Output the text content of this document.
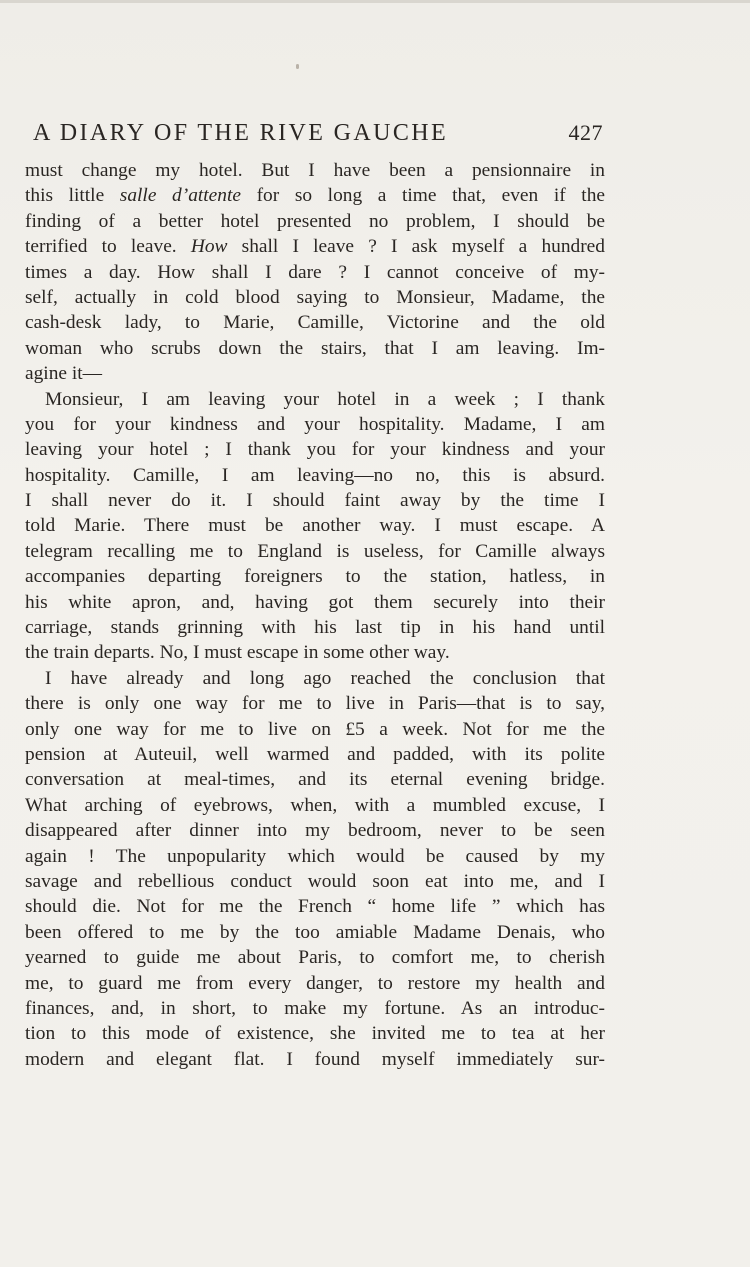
A DIARY OF THE RIVE GAUCHE	427
must change my hotel. But I have been a pensionnaire in
this little salle d’attente for so long a time that, even if the
finding of a better hotel presented no problem, I should be
terrified to leave. How shall I leave ? I ask myself a hundred
times a day. How shall I dare ? I cannot conceive of my-
self, actually in cold blood saying to Monsieur, Madame, the
cash-desk lady, to Marie, Camille, Victorine and the old
woman who scrubs down the stairs, that I am leaving. Im-
agine it—
Monsieur, I am leaving your hotel in a week ; I thank
you for your kindness and your hospitality. Madame, I am
leaving your hotel ; I thank you for your kindness and your
hospitality. Camille, I am leaving—no no, this is absurd.
I shall never do it. I should faint away by the time I
told Marie. There must be another way. I must escape. A
telegram recalling me to England is useless, for Camille always
accompanies departing foreigners to the station, hatless, in
his white apron, and, having got them securely into their
carriage, stands grinning with his last tip in his hand until
the train departs. No, I must escape in some other way.
I have already and long ago reached the conclusion that
there is only one way for me to live in Paris—that is to say,
only one way for me to live on £5 a week. Not for me the
pension at Auteuil, well warmed and padded, with its polite
conversation at meal-times, and its eternal evening bridge.
What arching of eyebrows, when, with a mumbled excuse, I
disappeared after dinner into my bedroom, never to be seen
again ! The unpopularity which would be caused by my
savage and rebellious conduct would soon eat into me, and I
should die. Not for me the French “ home life ” which has
been offered to me by the too amiable Madame Denais, who
yearned to guide me about Paris, to comfort me, to cherish
me, to guard me from every danger, to restore my health and
finances, and, in short, to make my fortune. As an introduc-
tion to this mode of existence, she invited me to tea at her
modern and elegant flat. I found myself immediately sur-
